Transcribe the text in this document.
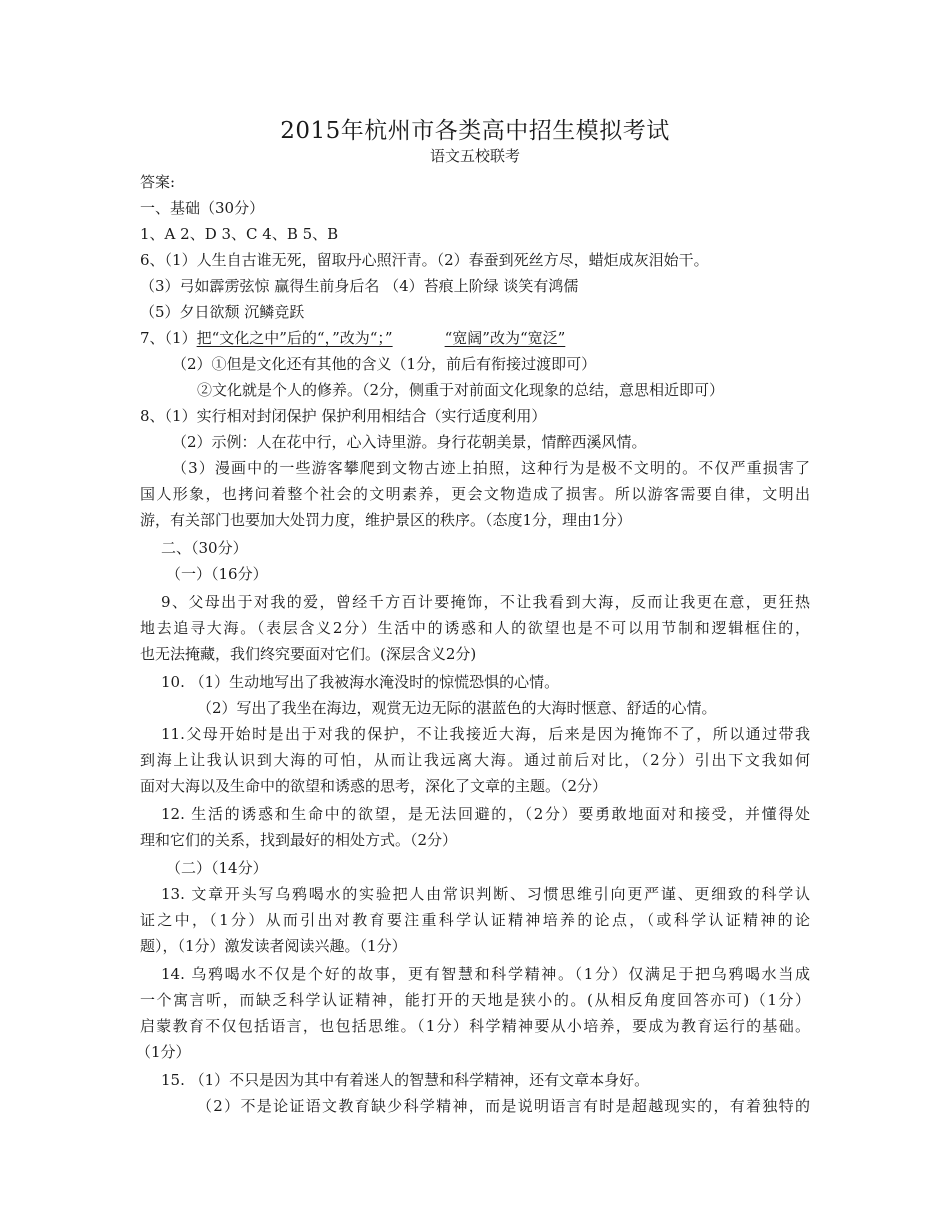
2015年杭州市各类高中招生模拟考试
语文五校联考
答案:
一、基础（30分）
1、A 2、D 3、C 4、B 5、B
6、（1）人生自古谁无死，留取丹心照汗青。（2）春蚕到死丝方尽，蜡炬成灰泪始干。
（3）弓如霹雳弦惊 赢得生前身后名 （4）苔痕上阶绿 谈笑有鸿儒
（5）夕日欲颓 沉鳞竞跃
7、（1）把“文化之中”后的“，”改为“；”	“宽阔”改为“宽泛”
（2）①但是文化还有其他的含义（1分，前后有衔接过渡即可）
②文化就是个人的修养。（2分，侧重于对前面文化现象的总结，意思相近即可）
8、（1）实行相对封闭保护 保护利用相结合（实行适度利用）
（2）示例：人在花中行，心入诗里游。身行花朝美景，情醉西溪风情。
（3）漫画中的一些游客攀爬到文物古迹上拍照，这种行为是极不文明的。不仅严重损害了
国人形象，也拷问着整个社会的文明素养，更会文物造成了损害。所以游客需要自律，文明出
游，有关部门也要加大处罚力度，维护景区的秩序。（态度1分，理由1分）
二、（30分）
（一）（16分）
9、父母出于对我的爱，曾经千方百计要掩饰，不让我看到大海，反而让我更在意，更狂热
地去追寻大海。（表层含义2分）生活中的诱惑和人的欲望也是不可以用节制和逻辑框住的，
也无法掩藏，我们终究要面对它们。(深层含义2分)
10. （1）生动地写出了我被海水淹没时的惊慌恐惧的心情。
（2）写出了我坐在海边，观赏无边无际的湛蓝色的大海时惬意、舒适的心情。
11.父母开始时是出于对我的保护，不让我接近大海，后来是因为掩饰不了，所以通过带我
到海上让我认识到大海的可怕，从而让我远离大海。通过前后对比，（2分）引出下文我如何
面对大海以及生命中的欲望和诱惑的思考，深化了文章的主题。（2分）
12. 生活的诱惑和生命中的欲望，是无法回避的，（2分）要勇敢地面对和接受，并懂得处
理和它们的关系，找到最好的相处方式。（2分）
（二）（14分）
13. 文章开头写乌鸦喝水的实验把人由常识判断、习惯思维引向更严谨、更细致的科学认
证之中，（1分）从而引出对教育要注重科学认证精神培养的论点，（或科学认证精神的论
题），（1分）激发读者阅读兴趣。（1分）
14. 乌鸦喝水不仅是个好的故事，更有智慧和科学精神。（1分）仅满足于把乌鸦喝水当成
一个寓言听，而缺乏科学认证精神，能打开的天地是狭小的。(从相反角度回答亦可)（1分）
启蒙教育不仅包括语言，也包括思维。（1分）科学精神要从小培养，要成为教育运行的基础。
（1分）
15. （1）不只是因为其中有着迷人的智慧和科学精神，还有文章本身好。
（2）不是论证语文教育缺少科学精神，而是说明语言有时是超越现实的，有着独特的
